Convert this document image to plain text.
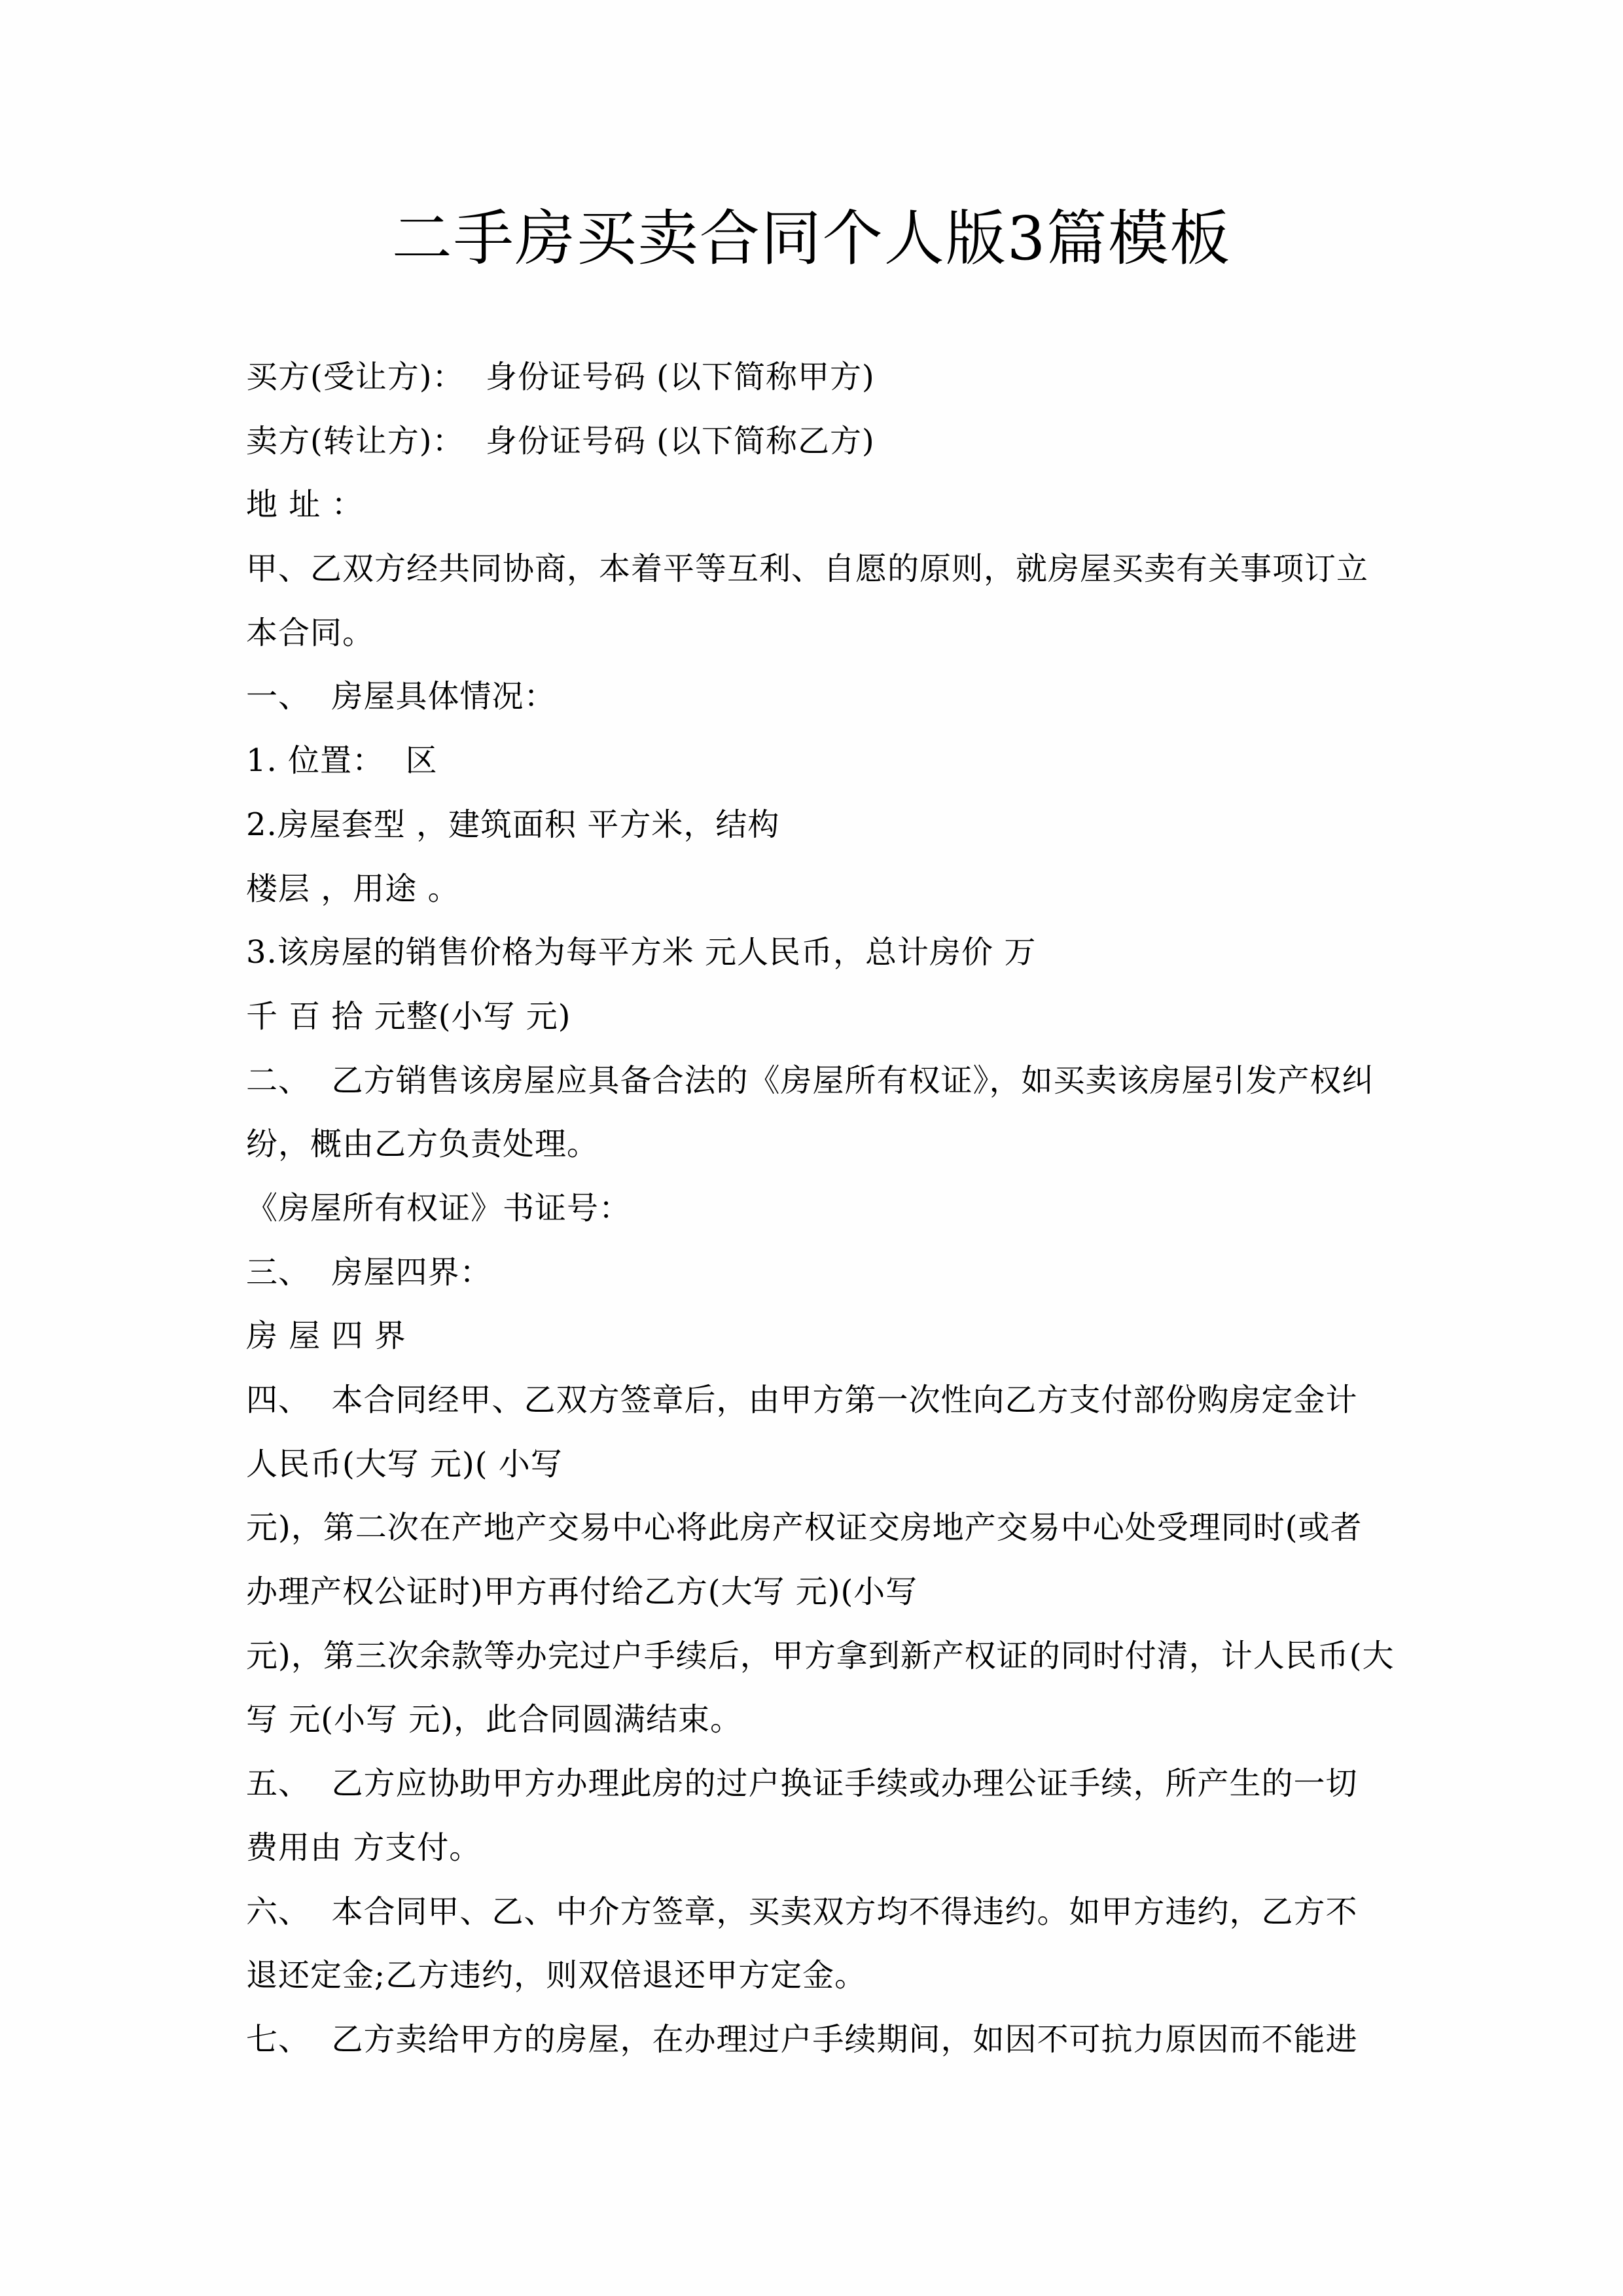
二手房买卖合同个人版3篇模板
买方(受让方)：  身份证号码 (以下简称甲方)
卖方(转让方)：  身份证号码 (以下简称乙方)
地 址 ：
甲、乙双方经共同协商，本着平等互利、自愿的原则，就房屋买卖有关事项订立
本合同。
一、  房屋具体情况：
1. 位置：  区
2.房屋套型 ，建筑面积 平方米，结构
楼层 ，用途 。
3.该房屋的销售价格为每平方米 元人民币，总计房价 万
千 百 拾 元整(小写 元)
二、  乙方销售该房屋应具备合法的《房屋所有权证》，如买卖该房屋引发产权纠
纷，概由乙方负责处理。
《房屋所有权证》书证号：
三、  房屋四界：
房 屋 四 界
四、  本合同经甲、乙双方签章后，由甲方第一次性向乙方支付部份购房定金计
人民币(大写 元)( 小写
元)，第二次在产地产交易中心将此房产权证交房地产交易中心处受理同时(或者
办理产权公证时)甲方再付给乙方(大写 元)(小写
元)，第三次余款等办完过户手续后，甲方拿到新产权证的同时付清，计人民币(大
写 元(小写 元)，此合同圆满结束。
五、  乙方应协助甲方办理此房的过户换证手续或办理公证手续，所产生的一切
费用由 方支付。
六、  本合同甲、乙、中介方签章，买卖双方均不得违约。如甲方违约，乙方不
退还定金;乙方违约，则双倍退还甲方定金。
七、  乙方卖给甲方的房屋，在办理过户手续期间，如因不可抗力原因而不能进
